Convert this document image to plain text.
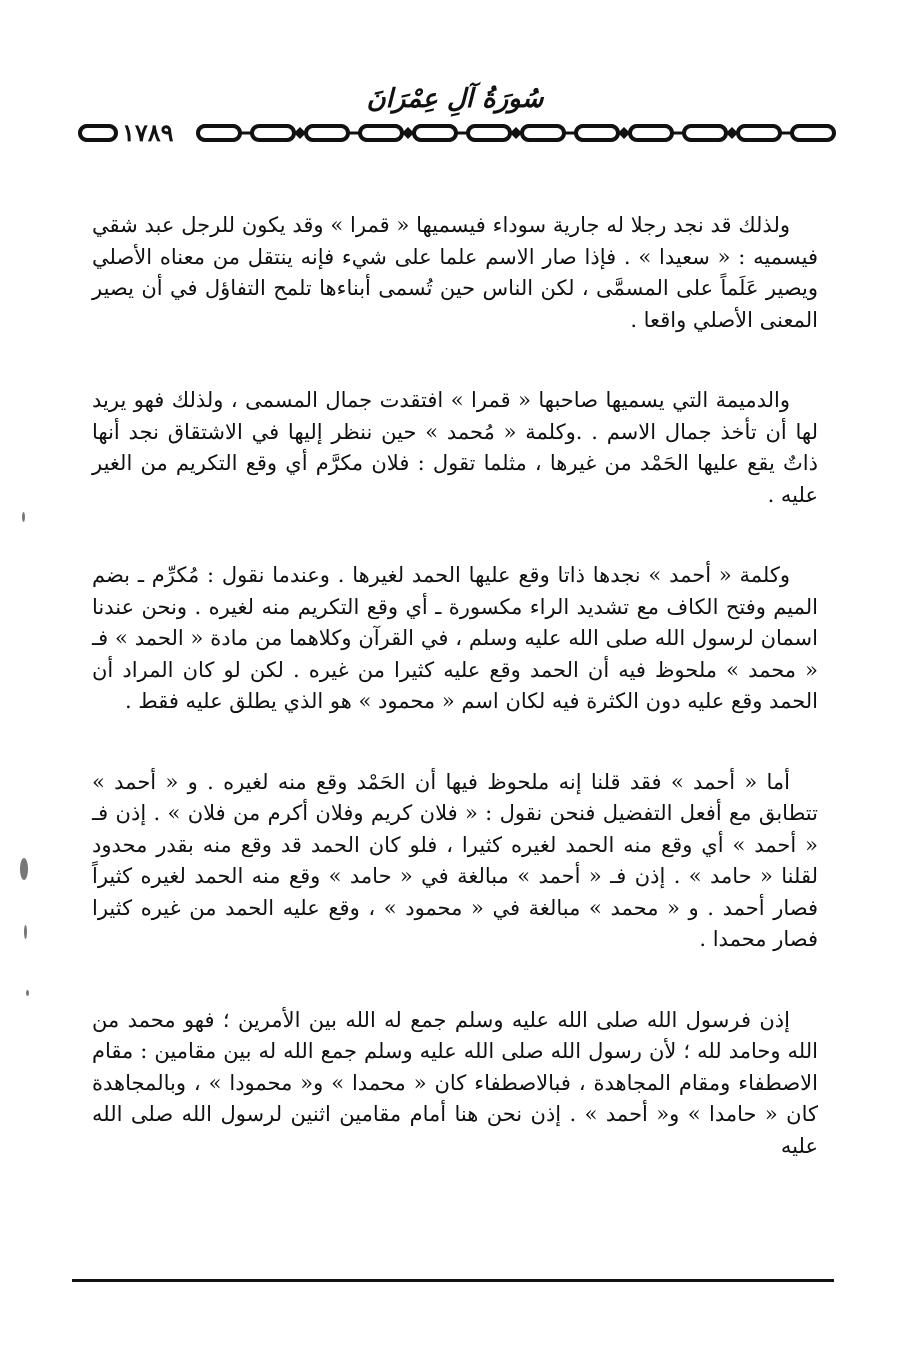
سُورَةُ آلِ عِمْرَانَ
١٧٨٩

ولذلك قد نجد رجلا له جارية سوداء فيسميها « قمرا » وقد يكون للرجل عبد شقي فيسميه : « سعيدا » . فإذا صار الاسم علما على شيء فإنه ينتقل من معناه الأصلي ويصير عَلَماً على المسمَّى ، لكن الناس حين تُسمى أبناءها تلمح التفاؤل في أن يصير المعنى الأصلي واقعا .

والدميمة التي يسميها صاحبها « قمرا » افتقدت جمال المسمى ، ولذلك فهو يريد لها أن تأخذ جمال الاسم . .وكلمة « مُحمد » حين ننظر إليها في الاشتقاق نجد أنها ذاتٌ يقع عليها الحَمْد من غيرها ، مثلما تقول : فلان مكرَّم أي وقع التكريم من الغير عليه .

وكلمة « أحمد » نجدها ذاتا وقع عليها الحمد لغيرها . وعندما نقول : مُكرِّم ـ بضم الميم وفتح الكاف مع تشديد الراء مكسورة ـ أي وقع التكريم منه لغيره . ونحن عندنا اسمان لرسول الله صلى الله عليه وسلم ، في القرآن وكلاهما من مادة « الحمد » فـ « محمد » ملحوظ فيه أن الحمد وقع عليه كثيرا من غيره . لكن لو كان المراد أن الحمد وقع عليه دون الكثرة فيه لكان اسم « محمود » هو الذي يطلق عليه فقط .

أما « أحمد » فقد قلنا إنه ملحوظ فيها أن الحَمْد وقع منه لغيره . و « أحمد » تتطابق مع أفعل التفضيل فنحن نقول : « فلان كريم وفلان أكرم من فلان » . إذن فـ « أحمد » أي وقع منه الحمد لغيره كثيرا ، فلو كان الحمد قد وقع منه بقدر محدود لقلنا « حامد » . إذن فـ « أحمد » مبالغة في « حامد » وقع منه الحمد لغيره كثيراً فصار أحمد . و « محمد » مبالغة في « محمود » ، وقع عليه الحمد من غيره كثيرا فصار محمدا .

إذن فرسول الله صلى الله عليه وسلم جمع له الله بين الأمرين ؛ فهو محمد من الله وحامد لله ؛ لأن رسول الله صلى الله عليه وسلم جمع الله له بين مقامين : مقام الاصطفاء ومقام المجاهدة ، فبالاصطفاء كان « محمدا » و« محمودا » ، وبالمجاهدة كان « حامدا » و« أحمد » . إذن نحن هنا أمام مقامين اثنين لرسول الله صلى الله عليه
